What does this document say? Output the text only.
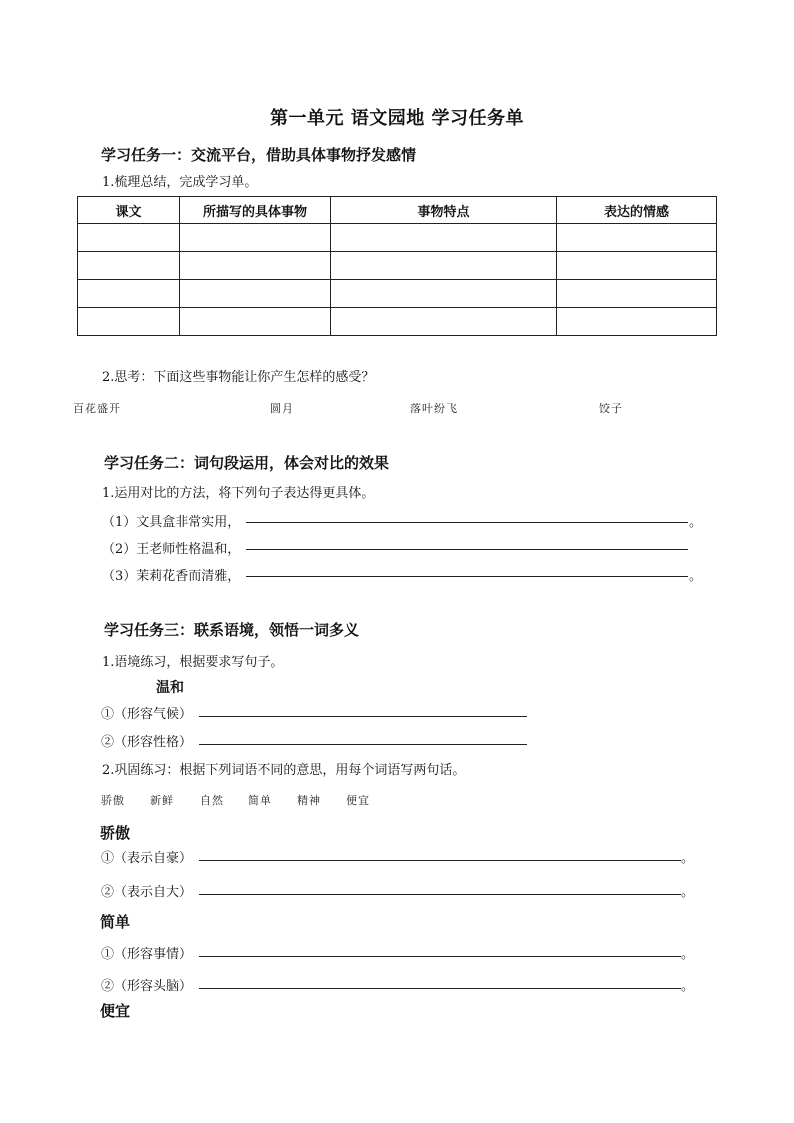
第一单元 语文园地 学习任务单
学习任务一：交流平台，借助具体事物抒发感情
1.梳理总结，完成学习单。
课文	所描写的具体事物	事物特点	表达的情感

2.思考：下面这些事物能让你产生怎样的感受？
百花盛开	圆月	落叶纷飞	饺子
学习任务二：词句段运用，体会对比的效果
1.运用对比的方法，将下列句子表达得更具体。
（1）文具盒非常实用，	。
（2）王老师性格温和，
（3）茉莉花香而清雅，	。
学习任务三：联系语境，领悟一词多义
1.语境练习，根据要求写句子。
温和
①（形容气候）
②（形容性格）
2.巩固练习：根据下列词语不同的意思，用每个词语写两句话。
骄傲 新鲜 自然 简单 精神 便宜
骄傲
①（表示自豪）	。
②（表示自大）	。
简单
①（形容事情）	。
②（形容头脑）	。
便宜
